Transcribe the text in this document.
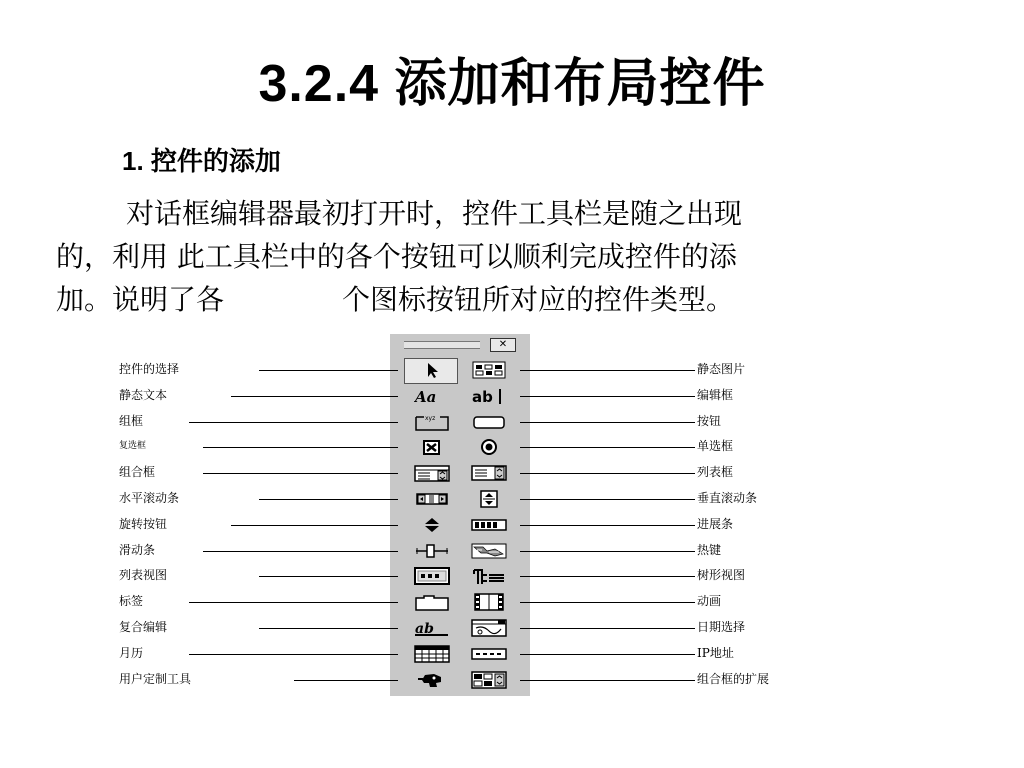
3.2.4 添加和布局控件
1. 控件的添加
对话框编辑器最初打开时，控件工具栏是随之出现
的，利用 此工具栏中的各个按钮可以顺利完成控件的添
加。说明了各	个图标按钮所对应的控件类型。
✕
Aa
xyz
ab
ab
控件的选择
静态文本
组框
复选框
组合框
水平滚动条
旋转按钮
滑动条
列表视图
标签
复合编辑
月历
用户定制工具
静态图片
编辑框
按钮
单选框
列表框
垂直滚动条
进展条
热键
树形视图
动画
日期选择
IP地址
组合框的扩展
